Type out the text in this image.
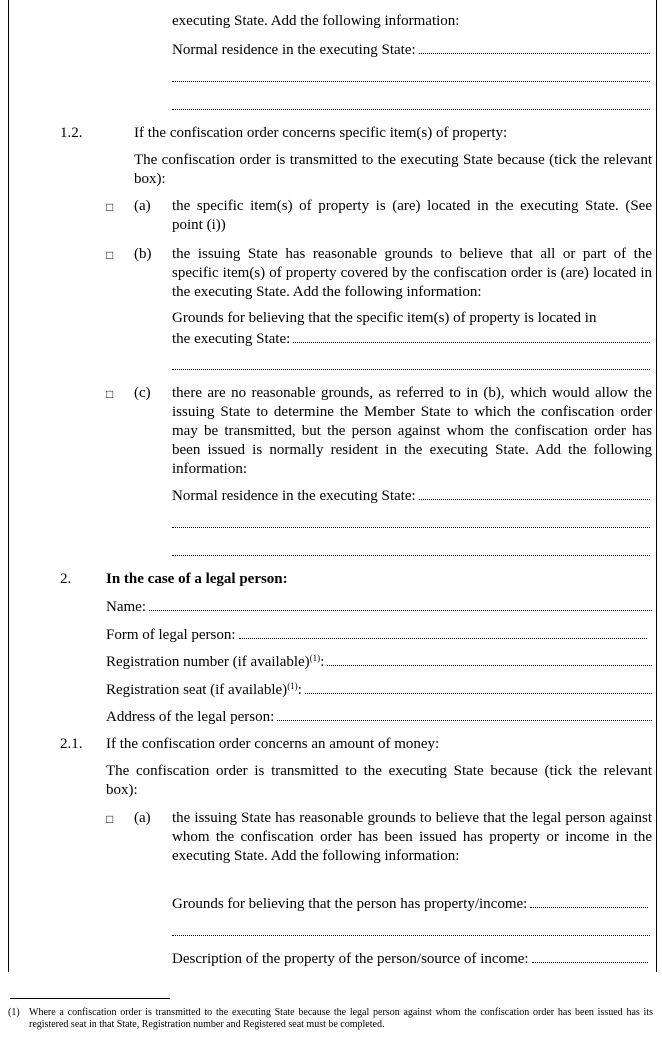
executing State. Add the following information:
Normal residence in the executing State:
1.2.	If the confiscation order concerns specific item(s) of property:
The confiscation order is transmitted to the executing State because (tick the relevant box):
□ (a) the specific item(s) of property is (are) located in the executing State. (See point (i))
□ (b) the issuing State has reasonable grounds to believe that all or part of the specific item(s) of property covered by the confiscation order is (are) located in the executing State. Add the following information:
Grounds for believing that the specific item(s) of property is located in
the executing State:
□ (c) there are no reasonable grounds, as referred to in (b), which would allow the issuing State to determine the Member State to which the confiscation order may be transmitted, but the person against whom the confiscation order has been issued is normally resident in the executing State. Add the following information:
Normal residence in the executing State:
2. In the case of a legal person:
Name:
Form of legal person:
Registration number (if available)$^{(1)}$:
Registration seat (if available)$^{(1)}$:
Address of the legal person:
2.1. If the confiscation order concerns an amount of money:
The confiscation order is transmitted to the executing State because (tick the relevant box):
□ (a) the issuing State has reasonable grounds to believe that the legal person against whom the confiscation order has been issued has property or income in the executing State. Add the following information:
Grounds for believing that the person has property/income:
Description of the property of the person/source of income:
(1) Where a confiscation order is transmitted to the executing State because the legal person against whom the confiscation order has been issued has its registered seat in that State, Registration number and Registered seat must be completed.
